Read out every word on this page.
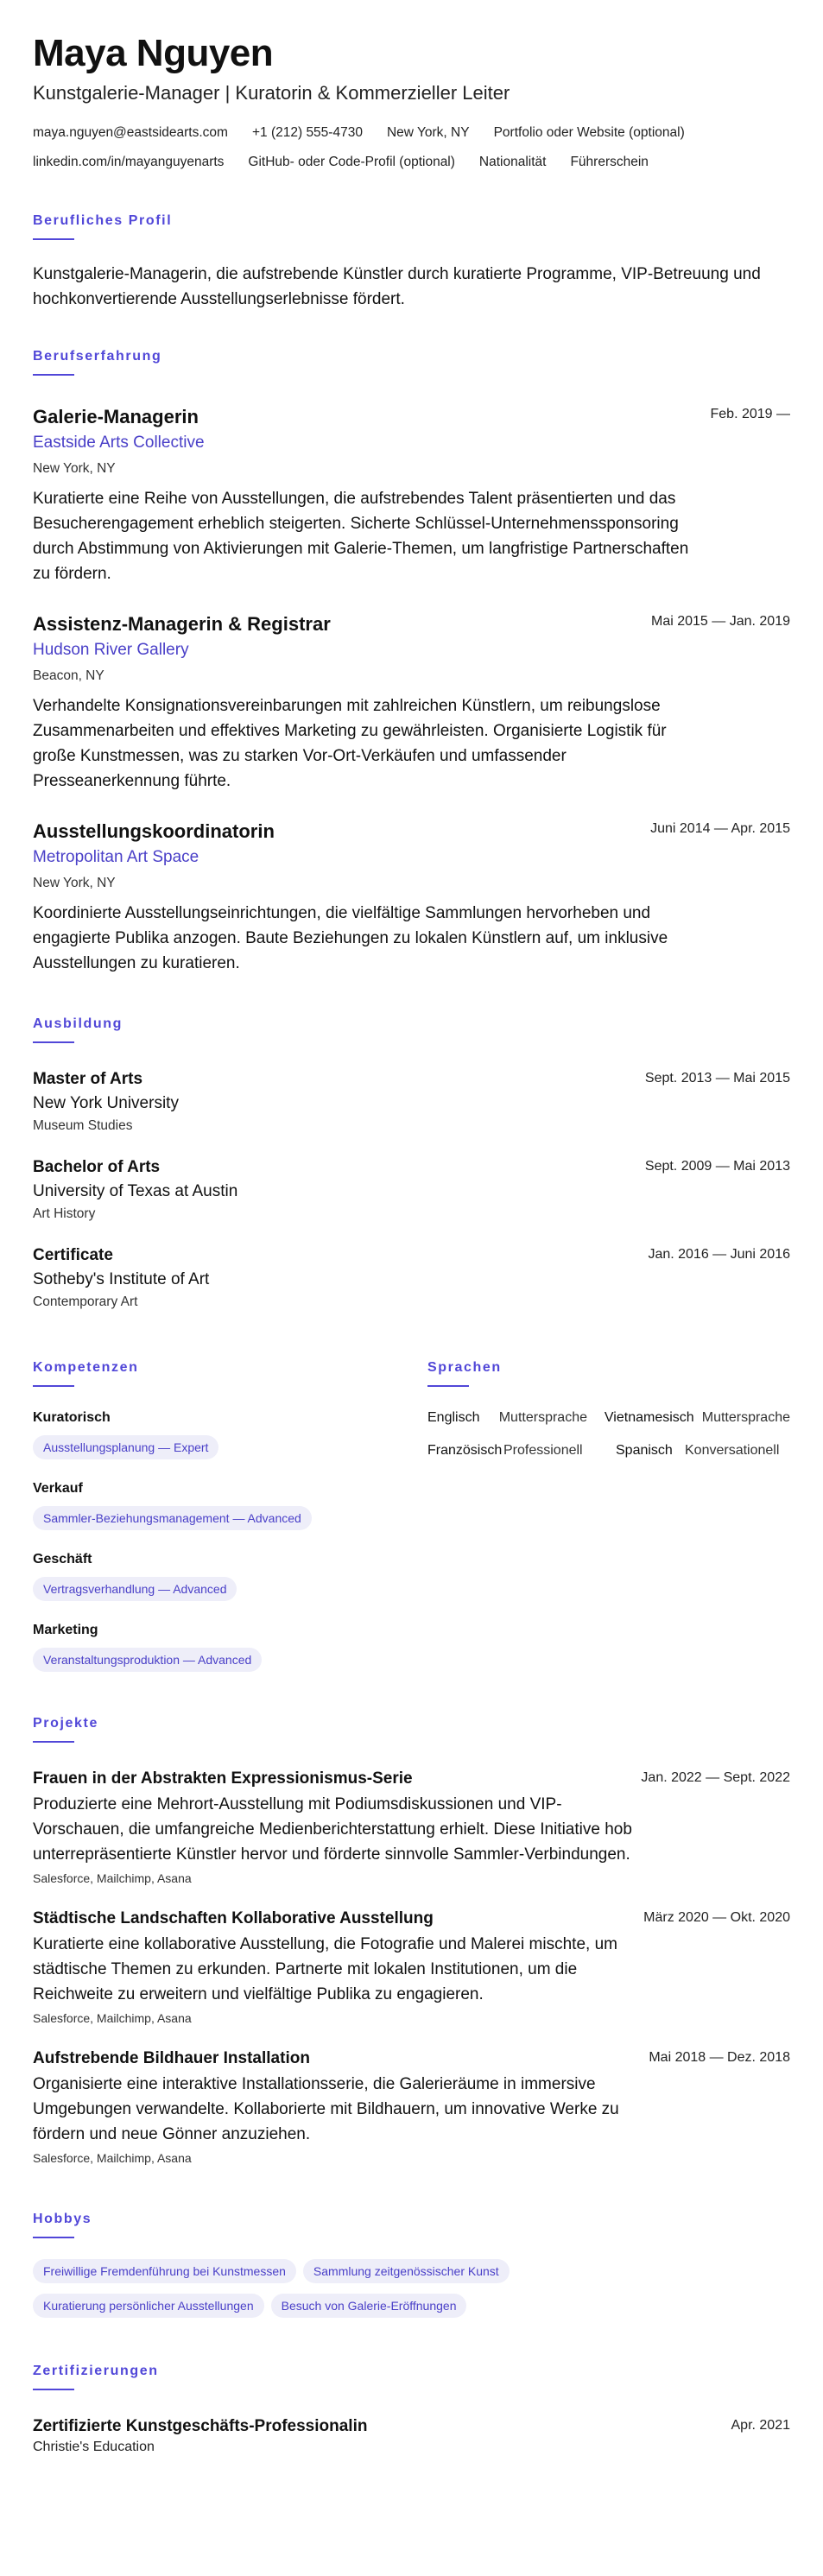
Maya Nguyen
Kunstgalerie-Manager | Kuratorin & Kommerzieller Leiter
maya.nguyen@eastsidearts.com +1 (212) 555-4730 New York, NY Portfolio oder Website (optional)
linkedin.com/in/mayanguyenarts GitHub- oder Code-Profil (optional) Nationalität Führerschein
Berufliches Profil
Kunstgalerie-Managerin, die aufstrebende Künstler durch kuratierte Programme, VIP-Betreuung und hochkonvertierende Ausstellungserlebnisse fördert.
Berufserfahrung
Galerie-Managerin	Feb. 2019 —
Eastside Arts Collective
New York, NY
Kuratierte eine Reihe von Ausstellungen, die aufstrebendes Talent präsentierten und das Besucherengagement erheblich steigerten. Sicherte Schlüssel-Unternehmenssponsoring durch Abstimmung von Aktivierungen mit Galerie-Themen, um langfristige Partnerschaften zu fördern.
Assistenz-Managerin & Registrar	Mai 2015 — Jan. 2019
Hudson River Gallery
Beacon, NY
Verhandelte Konsignationsvereinbarungen mit zahlreichen Künstlern, um reibungslose Zusammenarbeiten und effektives Marketing zu gewährleisten. Organisierte Logistik für große Kunstmessen, was zu starken Vor-Ort-Verkäufen und umfassender Presseanerkennung führte.
Ausstellungskoordinatorin	Juni 2014 — Apr. 2015
Metropolitan Art Space
New York, NY
Koordinierte Ausstellungseinrichtungen, die vielfältige Sammlungen hervorheben und engagierte Publika anzogen. Baute Beziehungen zu lokalen Künstlern auf, um inklusive Ausstellungen zu kuratieren.
Ausbildung
Master of Arts	Sept. 2013 — Mai 2015
New York University
Museum Studies
Bachelor of Arts	Sept. 2009 — Mai 2013
University of Texas at Austin
Art History
Certificate	Jan. 2016 — Juni 2016
Sotheby's Institute of Art
Contemporary Art
Kompetenzen
Kuratorisch
Ausstellungsplanung — Expert
Verkauf
Sammler-Beziehungsmanagement — Advanced
Geschäft
Vertragsverhandlung — Advanced
Marketing
Veranstaltungsproduktion — Advanced
Sprachen
Englisch	Muttersprache	Vietnamesisch Muttersprache
Französisch Professionell	Spanisch Konversationell
Projekte
Frauen in der Abstrakten Expressionismus-Serie	Jan. 2022 — Sept. 2022
Produzierte eine Mehrort-Ausstellung mit Podiumsdiskussionen und VIP-Vorschauen, die umfangreiche Medienberichterstattung erhielt. Diese Initiative hob unterrepräsentierte Künstler hervor und förderte sinnvolle Sammler-Verbindungen.
Salesforce, Mailchimp, Asana
Städtische Landschaften Kollaborative Ausstellung	März 2020 — Okt. 2020
Kuratierte eine kollaborative Ausstellung, die Fotografie und Malerei mischte, um städtische Themen zu erkunden. Partnerte mit lokalen Institutionen, um die Reichweite zu erweitern und vielfältige Publika zu engagieren.
Salesforce, Mailchimp, Asana
Aufstrebende Bildhauer Installation	Mai 2018 — Dez. 2018
Organisierte eine interaktive Installationsserie, die Galerieräume in immersive Umgebungen verwandelte. Kollaborierte mit Bildhauern, um innovative Werke zu fördern und neue Gönner anzuziehen.
Salesforce, Mailchimp, Asana
Hobbys
Freiwillige Fremdenführung bei Kunstmessen Sammlung zeitgenössischer Kunst
Kuratierung persönlicher Ausstellungen Besuch von Galerie-Eröffnungen
Zertifizierungen
Zertifizierte Kunstgeschäfts-Professionalin	Apr. 2021
Christie's Education
